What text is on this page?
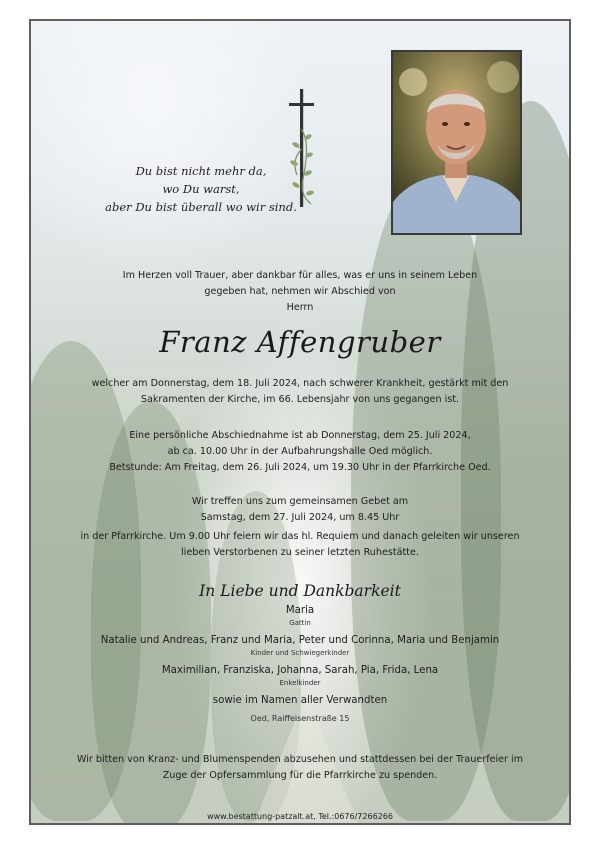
Du bist nicht mehr da,
wo Du warst,
aber Du bist überall wo wir sind.
Im Herzen voll Trauer, aber dankbar für alles, was er uns in seinem Leben
gegeben hat, nehmen wir Abschied von
Herrn
Franz Affengruber
welcher am Donnerstag, dem 18. Juli 2024, nach schwerer Krankheit, gestärkt mit den
Sakramenten der Kirche, im 66. Lebensjahr von uns gegangen ist.
Eine persönliche Abschiednahme ist ab Donnerstag, dem 25. Juli 2024,
ab ca. 10.00 Uhr in der Aufbahrungshalle Oed möglich.
Betstunde: Am Freitag, dem 26. Juli 2024, um 19.30 Uhr in der Pfarrkirche Oed.
Wir treffen uns zum gemeinsamen Gebet am
Samstag, dem 27. Juli 2024, um 8.45 Uhr
in der Pfarrkirche. Um 9.00 Uhr feiern wir das hl. Requiem und danach geleiten wir unseren
lieben Verstorbenen zu seiner letzten Ruhestätte.
In Liebe und Dankbarkeit
Maria
Gattin
Natalie und Andreas, Franz und Maria, Peter und Corinna, Maria und Benjamin
Kinder und Schwiegerkinder
Maximilian, Franziska, Johanna, Sarah, Pia, Frida, Lena
Enkelkinder
sowie im Namen aller Verwandten
Oed, Raiffeisenstraße 15
Wir bitten von Kranz- und Blumenspenden abzusehen und stattdessen bei der Trauerfeier im
Zuge der Opfersammlung für die Pfarrkirche zu spenden.
www.bestattung-patzalt.at, Tel.:0676/7266266
